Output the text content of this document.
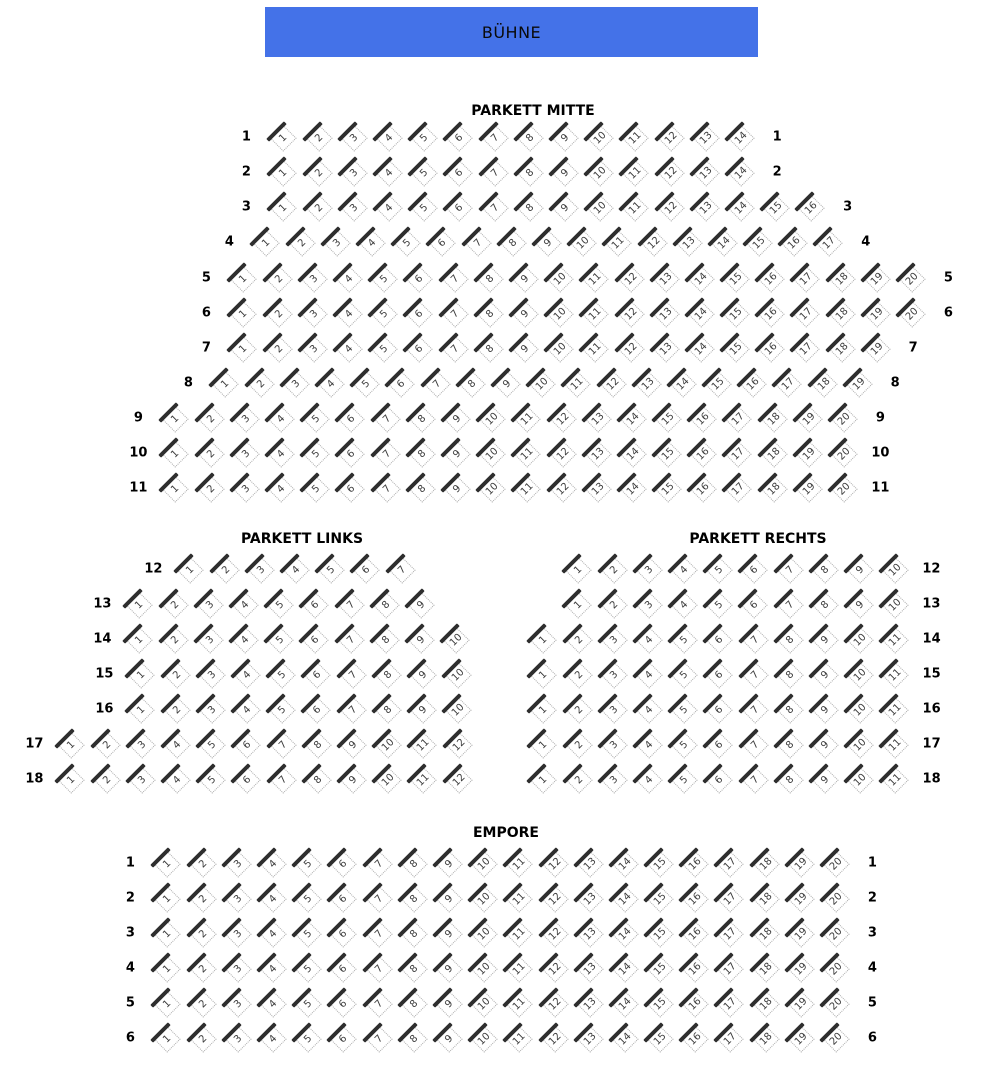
BÜHNE
PARKETT MITTE
1	1	2	3	4	5	6	7	8	9	10	11	12	13	14	1
2	1	2	3	4	5	6	7	8	9	10	11	12	13	14	2
3	1	2	3	4	5	6	7	8	9	10	11	12	13	14	15	16	3
4	1	2	3	4	5	6	7	8	9	10	11	12	13	14	15	16	17	4
5	1	2	3	4	5	6	7	8	9	10	11	12	13	14	15	16	17	18	19	20	5
6	1	2	3	4	5	6	7	8	9	10	11	12	13	14	15	16	17	18	19	20	6
7	1	2	3	4	5	6	7	8	9	10	11	12	13	14	15	16	17	18	19	7
8	1	2	3	4	5	6	7	8	9	10	11	12	13	14	15	16	17	18	19	8
9	1	2	3	4	5	6	7	8	9	10	11	12	13	14	15	16	17	18	19	20	9
10	1	2	3	4	5	6	7	8	9	10	11	12	13	14	15	16	17	18	19	20	10
11	1	2	3	4	5	6	7	8	9	10	11	12	13	14	15	16	17	18	19	20	11
PARKETT LINKS
12	1	2	3	4	5	6	7
13	1	2	3	4	5	6	7	8	9
14	1	2	3	4	5	6	7	8	9	10
15	1	2	3	4	5	6	7	8	9	10
16	1	2	3	4	5	6	7	8	9	10
17	1	2	3	4	5	6	7	8	9	10	11	12
18	1	2	3	4	5	6	7	8	9	10	11	12
PARKETT RECHTS
1	2	3	4	5	6	7	8	9	10	12
1	2	3	4	5	6	7	8	9	10	13
1	2	3	4	5	6	7	8	9	10	11	14
1	2	3	4	5	6	7	8	9	10	11	15
1	2	3	4	5	6	7	8	9	10	11	16
1	2	3	4	5	6	7	8	9	10	11	17
1	2	3	4	5	6	7	8	9	10	11	18
EMPORE
1	1	2	3	4	5	6	7	8	9	10	11	12	13	14	15	16	17	18	19	20	1
2	1	2	3	4	5	6	7	8	9	10	11	12	13	14	15	16	17	18	19	20	2
3	1	2	3	4	5	6	7	8	9	10	11	12	13	14	15	16	17	18	19	20	3
4	1	2	3	4	5	6	7	8	9	10	11	12	13	14	15	16	17	18	19	20	4
5	1	2	3	4	5	6	7	8	9	10	11	12	13	14	15	16	17	18	19	20	5
6	1	2	3	4	5	6	7	8	9	10	11	12	13	14	15	16	17	18	19	20	6
